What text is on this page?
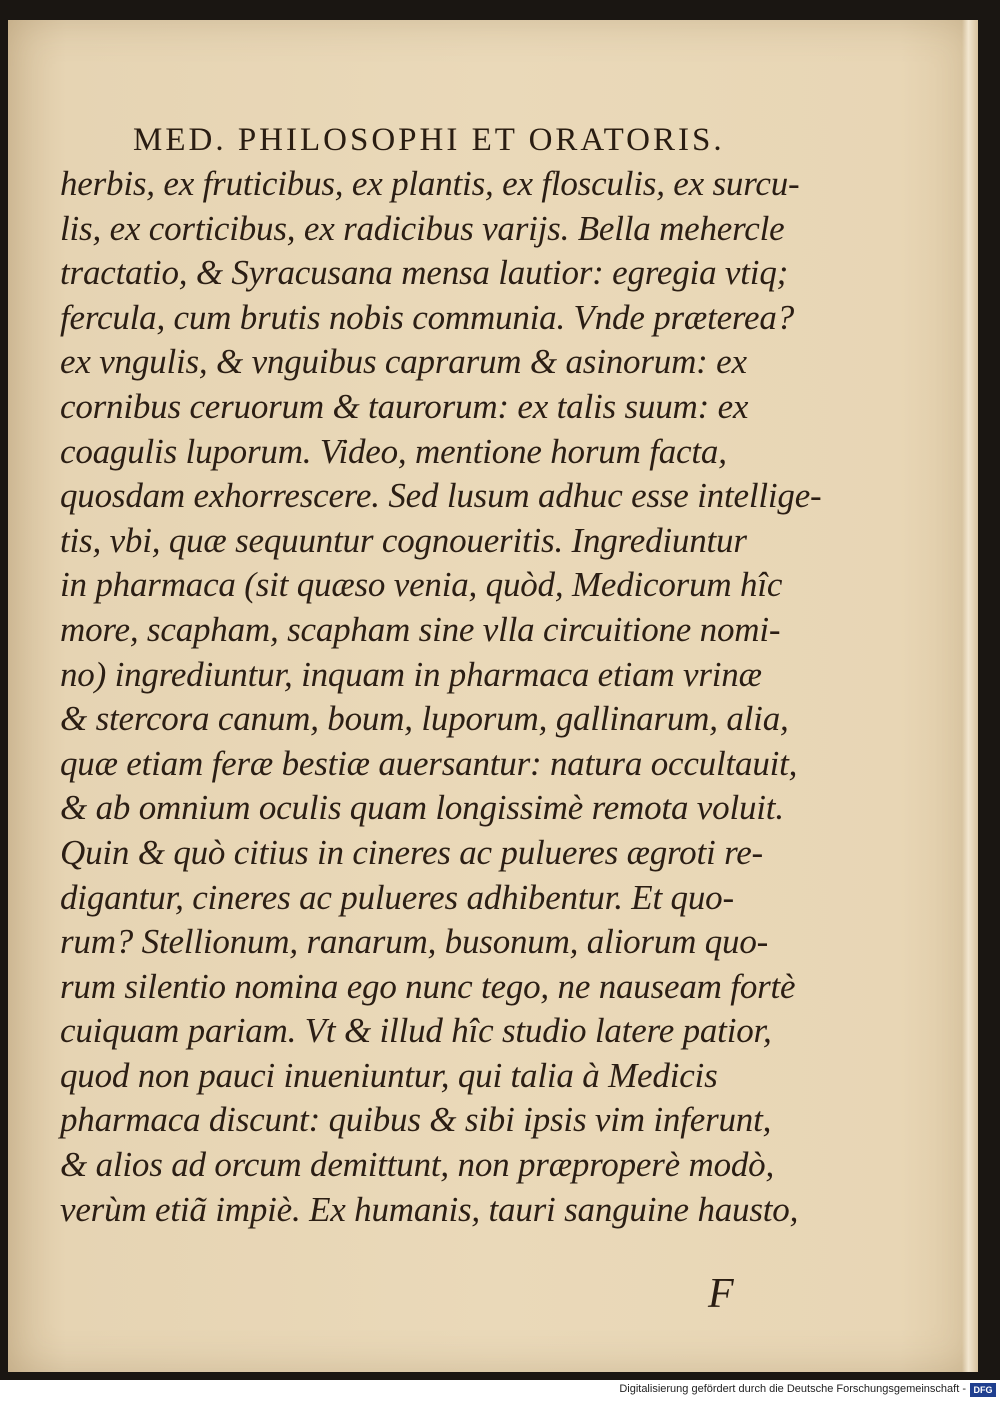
MED. PHILOSOPHI ET ORATORIS.
herbis, ex fruticibus, ex plantis, ex flosculis, ex surcu-
lis, ex corticibus, ex radicibus varijs. Bella mehercle
tractatio, & Syracusana mensa lautior: egregia vtiq;
fercula, cum brutis nobis communia. Vnde præterea?
ex vngulis, & vnguibus caprarum & asinorum: ex
cornibus ceruorum & taurorum: ex talis suum: ex
coagulis luporum. Video, mentione horum facta,
quosdam exhorrescere. Sed lusum adhuc esse intellige-
tis, vbi, quæ sequuntur cognoueritis. Ingrediuntur
in pharmaca (sit quæso venia, quòd, Medicorum hîc
more, scapham, scapham sine vlla circuitione nomi-
no) ingrediuntur, inquam in pharmaca etiam vrinæ
& stercora canum, boum, luporum, gallinarum, alia,
quæ etiam feræ bestiæ auersantur: natura occultauit,
& ab omnium oculis quam longissimè remota voluit.
Quin & quò citius in cineres ac pulueres ægroti re-
digantur, cineres ac pulueres adhibentur. Et quo-
rum? Stellionum, ranarum, busonum, aliorum quo-
rum silentio nomina ego nunc tego, ne nauseam fortè
cuiquam pariam. Vt & illud hîc studio latere patior,
quod non pauci inueniuntur, qui talia à Medicis
pharmaca discunt: quibus & sibi ipsis vim inferunt,
& alios ad orcum demittunt, non præproperè modò,
verùm etiã impiè. Ex humanis, tauri sanguine hausto,
F
Digitalisierung gefördert durch die Deutsche Forschungsgemeinschaft - DFG
